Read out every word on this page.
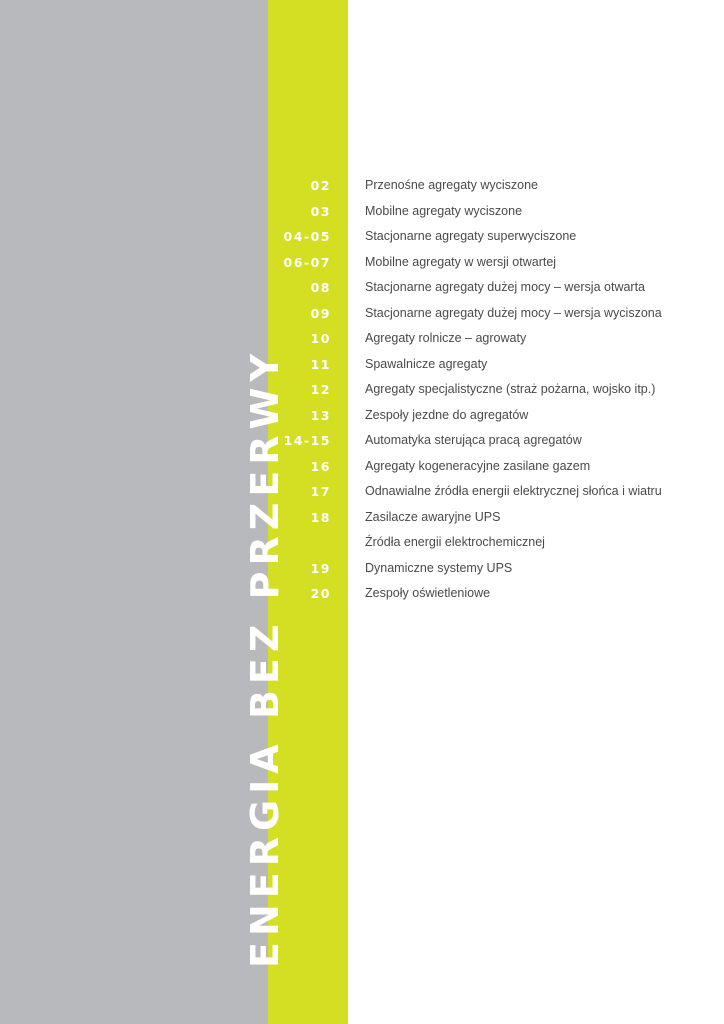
ENERGIA BEZ PRZERWY
02	Przenośne agregaty wyciszone
03	Mobilne agregaty wyciszone
04-05	Stacjonarne agregaty superwyciszone
06-07	Mobilne agregaty w wersji otwartej
08	Stacjonarne agregaty dużej mocy – wersja otwarta
09	Stacjonarne agregaty dużej mocy – wersja wyciszona
10	Agregaty rolnicze – agrowaty
11	Spawalnicze agregaty
12	Agregaty specjalistyczne (straż pożarna, wojsko itp.)
13	Zespoły jezdne do agregatów
14-15	Automatyka sterująca pracą agregatów
16	Agregaty kogeneracyjne zasilane gazem
17	Odnawialne źródła energii elektrycznej słońca i wiatru
18	Zasilacze awaryjne UPS
Źródła energii elektrochemicznej
19	Dynamiczne systemy UPS
20	Zespoły oświetleniowe
